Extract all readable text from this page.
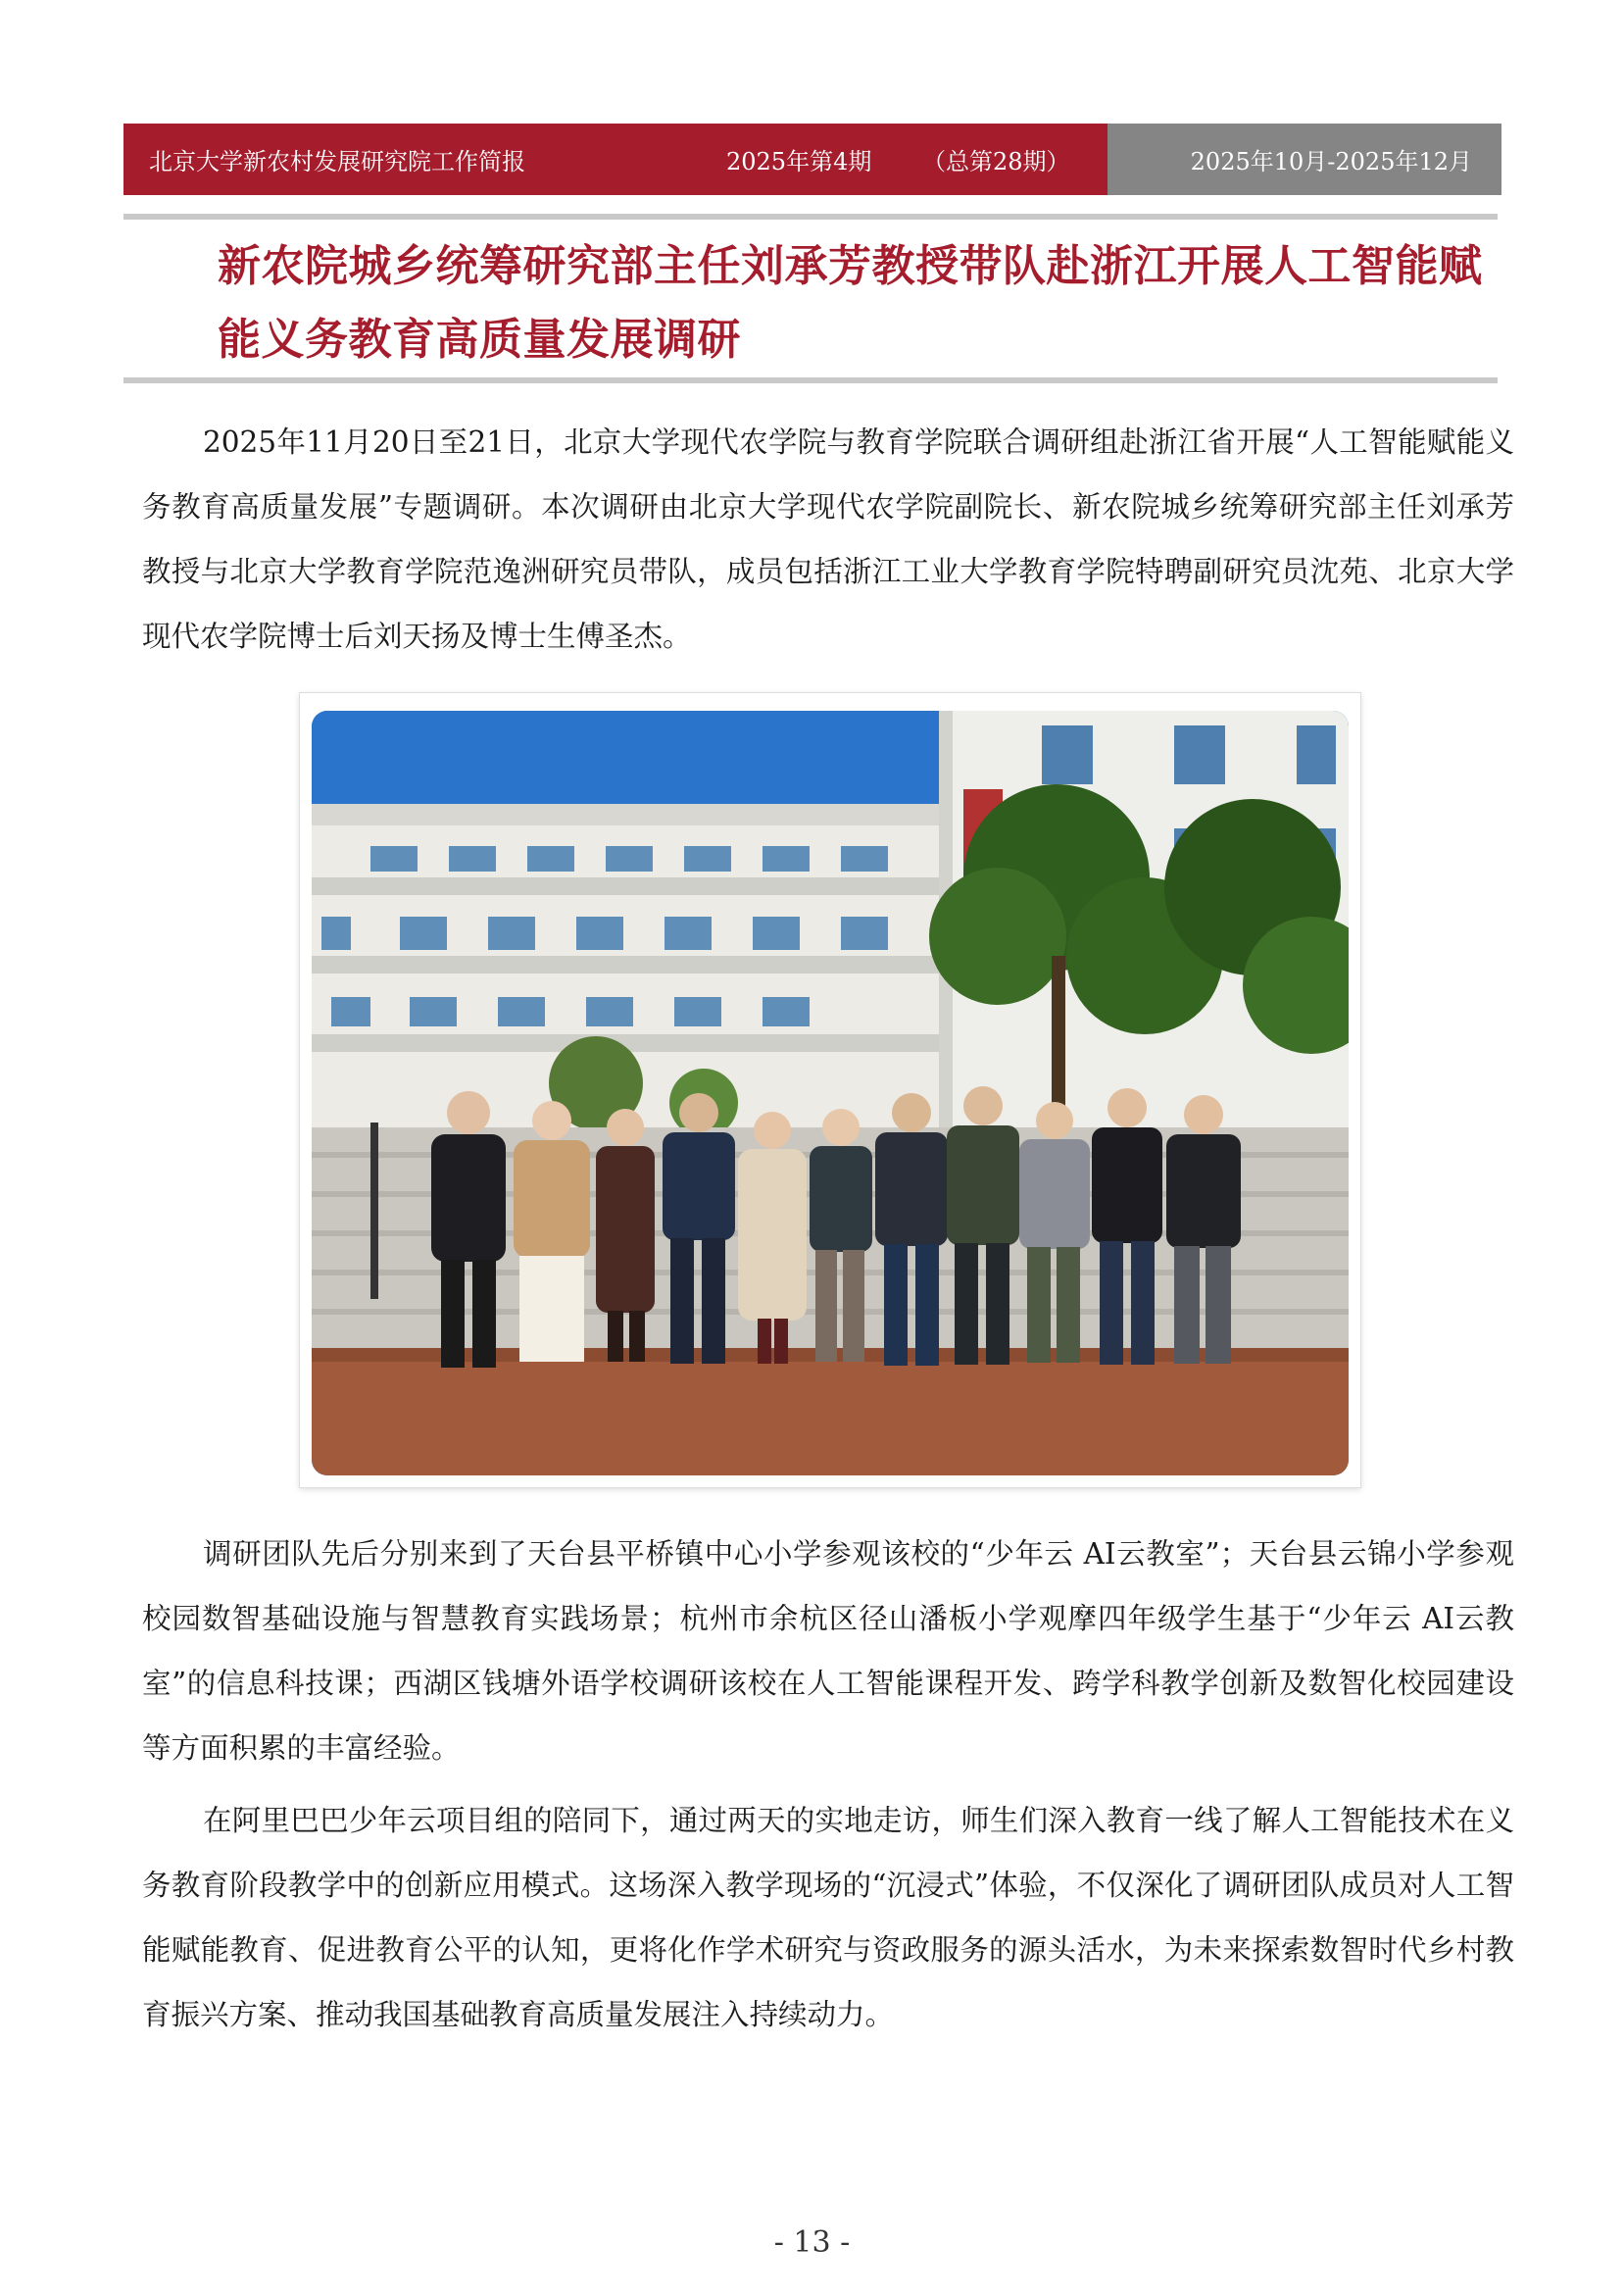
北京大学新农村发展研究院工作简报	2025年第4期 （总第28期）	2025年10月-2025年12月
新农院城乡统筹研究部主任刘承芳教授带队赴浙江开展人工智能赋
能义务教育高质量发展调研

2025年11月20日至21日，北京大学现代农学院与教育学院联合调研组赴浙江省开展“人工智能赋能义务教育高质量发展”专题调研。本次调研由北京大学现代农学院副院长、新农院城乡统筹研究部主任刘承芳教授与北京大学教育学院范逸洲研究员带队，成员包括浙江工业大学教育学院特聘副研究员沈苑、北京大学现代农学院博士后刘天扬及博士生傅圣杰。

调研团队先后分别来到了天台县平桥镇中心小学参观该校的“少年云 AI云教室”；天台县云锦小学参观校园数智基础设施与智慧教育实践场景；杭州市余杭区径山潘板小学观摩四年级学生基于“少年云 AI云教室”的信息科技课；西湖区钱塘外语学校调研该校在人工智能课程开发、跨学科教学创新及数智化校园建设等方面积累的丰富经验。

在阿里巴巴少年云项目组的陪同下，通过两天的实地走访，师生们深入教育一线了解人工智能技术在义务教育阶段教学中的创新应用模式。这场深入教学现场的“沉浸式”体验，不仅深化了调研团队成员对人工智能赋能教育、促进教育公平的认知，更将化作学术研究与资政服务的源头活水，为未来探索数智时代乡村教育振兴方案、推动我国基础教育高质量发展注入持续动力。

- 13 -
